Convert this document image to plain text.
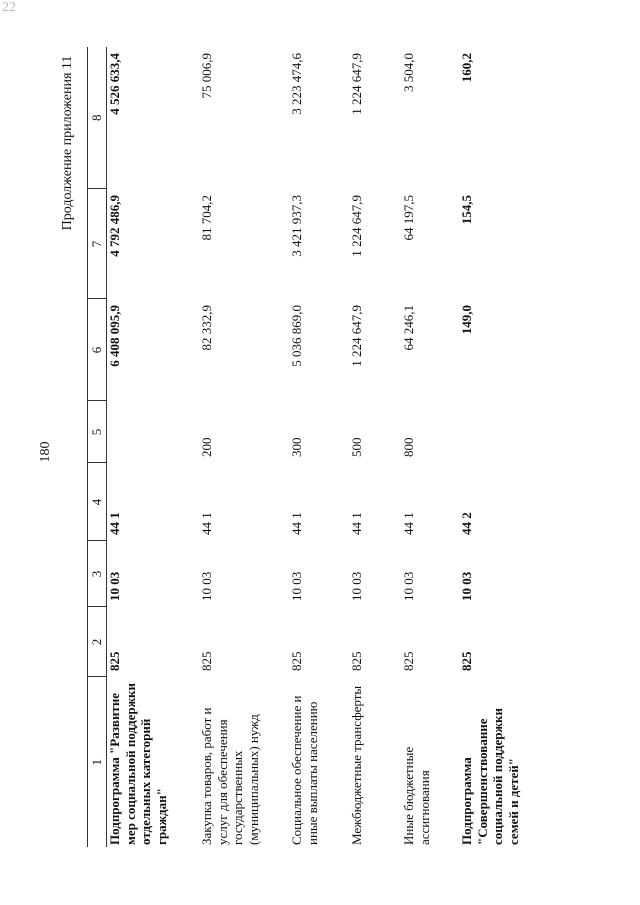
22
180
Продолжение приложения 11
1	2	3	4	5	6	7	8
Подпрограмма "Развитие мер социальной поддержки отдельных категорий граждан"	825	10 03	44 1		6 408 095,9	4 792 486,9	4 526 633,4
Закупка товаров, работ и услуг для обеспечения государственных (муниципальных) нужд	825	10 03	44 1	200	82 332,9	81 704,2	75 006,9
Социальное обеспечение и иные выплаты населению	825	10 03	44 1	300	5 036 869,0	3 421 937,3	3 223 474,6
Межбюджетные трансферты	825	10 03	44 1	500	1 224 647,9	1 224 647,9	1 224 647,9
Иные бюджетные ассигнования	825	10 03	44 1	800	64 246,1	64 197,5	3 504,0
Подпрограмма "Совершенствование социальной поддержки семей и детей"	825	10 03	44 2		149,0	154,5	160,2
